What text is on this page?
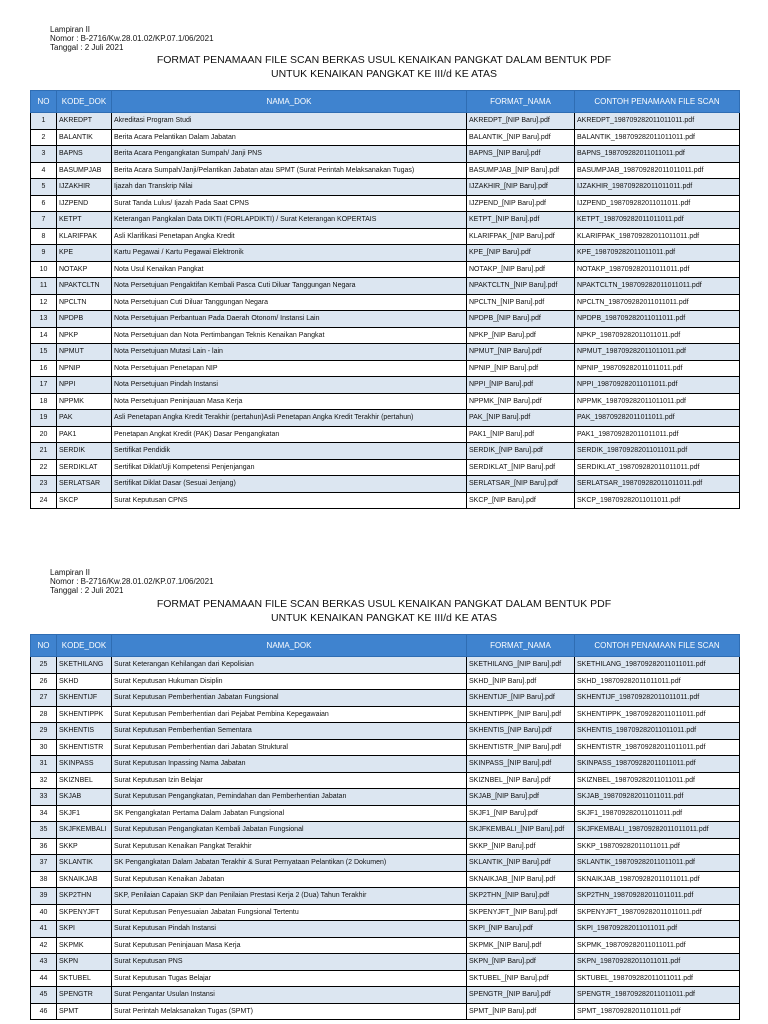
Lampiran II
Nomor : B-2716/Kw.28.01.02/KP.07.1/06/2021
Tanggal : 2 Juli 2021
FORMAT PENAMAAN FILE SCAN BERKAS USUL KENAIKAN PANGKAT DALAM BENTUK PDF
UNTUK KENAIKAN PANGKAT KE III/d KE ATAS
NO	KODE_DOK	NAMA_DOK	FORMAT_NAMA	CONTOH PENAMAAN FILE SCAN
1	AKREDPT	Akreditasi Program Studi	AKREDPT_[NIP Baru].pdf	AKREDPT_198709282011011011.pdf
2	BALANTIK	Berita Acara Pelantikan Dalam Jabatan	BALANTIK_[NIP Baru].pdf	BALANTIK_198709282011011011.pdf
3	BAPNS	Berita Acara Pengangkatan Sumpah/ Janji PNS	BAPNS_[NIP Baru].pdf	BAPNS_198709282011011011.pdf
4	BASUMPJAB	Berita Acara Sumpah/Janji/Pelantikan Jabatan atau SPMT (Surat Perintah Melaksanakan Tugas)	BASUMPJAB_[NIP Baru].pdf	BASUMPJAB_198709282011011011.pdf
5	IJZAKHIR	Ijazah dan Transkrip Nilai	IJZAKHIR_[NIP Baru].pdf	IJZAKHIR_198709282011011011.pdf
6	IJZPEND	Surat Tanda Lulus/ Ijazah Pada Saat CPNS	IJZPEND_[NIP Baru].pdf	IJZPEND_198709282011011011.pdf
7	KETPT	Keterangan Pangkalan Data DIKTI (FORLAPDIKTI) / Surat Keterangan KOPERTAIS	KETPT_[NIP Baru].pdf	KETPT_198709282011011011.pdf
8	KLARIFPAK	Asli Klarifikasi Penetapan Angka Kredit	KLARIFPAK_[NIP Baru].pdf	KLARIFPAK_198709282011011011.pdf
9	KPE	Kartu Pegawai / Kartu Pegawai Elektronik	KPE_[NIP Baru].pdf	KPE_198709282011011011.pdf
10	NOTAKP	Nota Usul Kenaikan Pangkat	NOTAKP_[NIP Baru].pdf	NOTAKP_198709282011011011.pdf
11	NPAKTCLTN	Nota Persetujuan Pengaktifan Kembali Pasca Cuti Diluar Tanggungan Negara	NPAKTCLTN_[NIP Baru].pdf	NPAKTCLTN_198709282011011011.pdf
12	NPCLTN	Nota Persetujuan Cuti Diluar Tanggungan Negara	NPCLTN_[NIP Baru].pdf	NPCLTN_198709282011011011.pdf
13	NPDPB	Nota Persetujuan Perbantuan Pada Daerah Otonom/ Instansi Lain	NPDPB_[NIP Baru].pdf	NPDPB_198709282011011011.pdf
14	NPKP	Nota Persetujuan dan Nota Pertimbangan Teknis Kenaikan Pangkat	NPKP_[NIP Baru].pdf	NPKP_198709282011011011.pdf
15	NPMUT	Nota Persetujuan Mutasi Lain - lain	NPMUT_[NIP Baru].pdf	NPMUT_198709282011011011.pdf
16	NPNIP	Nota Persetujuan Penetapan NIP	NPNIP_[NIP Baru].pdf	NPNIP_198709282011011011.pdf
17	NPPI	Nota Persetujuan Pindah Instansi	NPPI_[NIP Baru].pdf	NPPI_198709282011011011.pdf
18	NPPMK	Nota Persetujuan Peninjauan Masa Kerja	NPPMK_[NIP Baru].pdf	NPPMK_198709282011011011.pdf
19	PAK	Asli Penetapan Angka Kredit Terakhir (pertahun)Asli Penetapan Angka Kredit Terakhir (pertahun)	PAK_[NIP Baru].pdf	PAK_198709282011011011.pdf
20	PAK1	Penetapan Angkat Kredit (PAK) Dasar Pengangkatan	PAK1_[NIP Baru].pdf	PAK1_198709282011011011.pdf
21	SERDIK	Sertifikat Pendidik	SERDIK_[NIP Baru].pdf	SERDIK_198709282011011011.pdf
22	SERDIKLAT	Sertifikat Diklat/Uji Kompetensi Penjenjangan	SERDIKLAT_[NIP Baru].pdf	SERDIKLAT_198709282011011011.pdf
23	SERLATSAR	Sertifikat Diklat Dasar (Sesuai Jenjang)	SERLATSAR_[NIP Baru].pdf	SERLATSAR_198709282011011011.pdf
24	SKCP	Surat Keputusan CPNS	SKCP_[NIP Baru].pdf	SKCP_198709282011011011.pdf
Lampiran II
Nomor : B-2716/Kw.28.01.02/KP.07.1/06/2021
Tanggal : 2 Juli 2021
FORMAT PENAMAAN FILE SCAN BERKAS USUL KENAIKAN PANGKAT DALAM BENTUK PDF
UNTUK KENAIKAN PANGKAT KE III/d KE ATAS
NO	KODE_DOK	NAMA_DOK	FORMAT_NAMA	CONTOH PENAMAAN FILE SCAN
25	SKETHILANG	Surat Keterangan Kehilangan dari Kepolisian	SKETHILANG_[NIP Baru].pdf	SKETHILANG_198709282011011011.pdf
26	SKHD	Surat Keputusan Hukuman Disiplin	SKHD_[NIP Baru].pdf	SKHD_198709282011011011.pdf
27	SKHENTIJF	Surat Keputusan Pemberhentian Jabatan Fungsional	SKHENTIJF_[NIP Baru].pdf	SKHENTIJF_198709282011011011.pdf
28	SKHENTIPPK	Surat Keputusan Pemberhentian dari Pejabat Pembina Kepegawaian	SKHENTIPPK_[NIP Baru].pdf	SKHENTIPPK_198709282011011011.pdf
29	SKHENTIS	Surat Keputusan Pemberhentian Sementara	SKHENTIS_[NIP Baru].pdf	SKHENTIS_198709282011011011.pdf
30	SKHENTISTR	Surat Keputusan Pemberhentian dari Jabatan Struktural	SKHENTISTR_[NIP Baru].pdf	SKHENTISTR_198709282011011011.pdf
31	SKINPASS	Surat Keputusan Inpassing Nama Jabatan	SKINPASS_[NIP Baru].pdf	SKINPASS_198709282011011011.pdf
32	SKIZNBEL	Surat Keputusan Izin Belajar	SKIZNBEL_[NIP Baru].pdf	SKIZNBEL_198709282011011011.pdf
33	SKJAB	Surat Keputusan Pengangkatan, Pemindahan dan Pemberhentian Jabatan	SKJAB_[NIP Baru].pdf	SKJAB_198709282011011011.pdf
34	SKJF1	SK Pengangkatan Pertama Dalam Jabatan Fungsional	SKJF1_[NIP Baru].pdf	SKJF1_198709282011011011.pdf
35	SKJFKEMBALI	Surat Keputusan Pengangkatan Kembali Jabatan Fungsional	SKJFKEMBALI_[NIP Baru].pdf	SKJFKEMBALI_198709282011011011.pdf
36	SKKP	Surat Keputusan Kenaikan Pangkat Terakhir	SKKP_[NIP Baru].pdf	SKKP_198709282011011011.pdf
37	SKLANTIK	SK Pengangkatan Dalam Jabatan Terakhir & Surat Pernyataan Pelantikan (2 Dokumen)	SKLANTIK_[NIP Baru].pdf	SKLANTIK_198709282011011011.pdf
38	SKNAIKJAB	Surat Keputusan Kenaikan Jabatan	SKNAIKJAB_[NIP Baru].pdf	SKNAIKJAB_198709282011011011.pdf
39	SKP2THN	SKP, Penilaian Capaian SKP dan Penilaian Prestasi Kerja 2 (Dua) Tahun Terakhir	SKP2THN_[NIP Baru].pdf	SKP2THN_198709282011011011.pdf
40	SKPENYJFT	Surat Keputusan Penyesuaian Jabatan Fungsional Tertentu	SKPENYJFT_[NIP Baru].pdf	SKPENYJFT_198709282011011011.pdf
41	SKPI	Surat Keputusan Pindah Instansi	SKPI_[NIP Baru].pdf	SKPI_198709282011011011.pdf
42	SKPMK	Surat Keputusan Peninjauan Masa Kerja	SKPMK_[NIP Baru].pdf	SKPMK_198709282011011011.pdf
43	SKPN	Surat Keputusan PNS	SKPN_[NIP Baru].pdf	SKPN_198709282011011011.pdf
44	SKTUBEL	Surat Keputusan Tugas Belajar	SKTUBEL_[NIP Baru].pdf	SKTUBEL_198709282011011011.pdf
45	SPENGTR	Surat Pengantar Usulan Instansi	SPENGTR_[NIP Baru].pdf	SPENGTR_198709282011011011.pdf
46	SPMT	Surat Perintah Melaksanakan Tugas (SPMT)	SPMT_[NIP Baru].pdf	SPMT_198709282011011011.pdf
